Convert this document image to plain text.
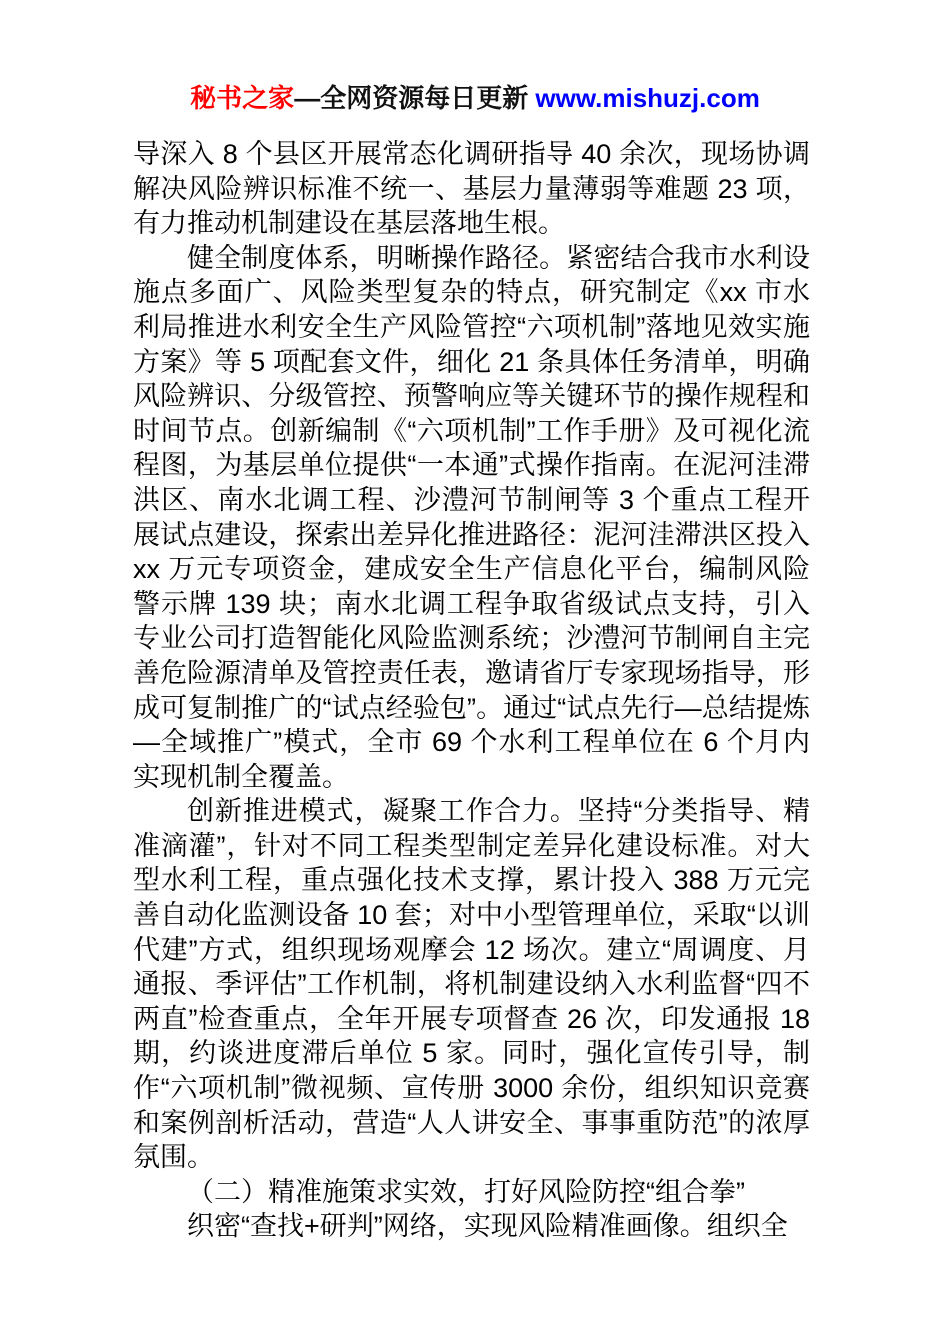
秘书之家—全网资源每日更新 www.mishuzj.com

导深入 8 个县区开展常态化调研指导 40 余次，现场协调解决风险辨识标准不统一、基层力量薄弱等难题 23 项，有力推动机制建设在基层落地生根。

健全制度体系，明晰操作路径。紧密结合我市水利设施点多面广、风险类型复杂的特点，研究制定《xx 市水利局推进水利安全生产风险管控“六项机制”落地见效实施方案》等 5 项配套文件，细化 21 条具体任务清单，明确风险辨识、分级管控、预警响应等关键环节的操作规程和时间节点。创新编制《“六项机制”工作手册》及可视化流程图，为基层单位提供“一本通”式操作指南。在泥河洼滞洪区、南水北调工程、沙澧河节制闸等 3 个重点工程开展试点建设，探索出差异化推进路径：泥河洼滞洪区投入 xx 万元专项资金，建成安全生产信息化平台，编制风险警示牌 139 块；南水北调工程争取省级试点支持，引入专业公司打造智能化风险监测系统；沙澧河节制闸自主完善危险源清单及管控责任表，邀请省厅专家现场指导，形成可复制推广的“试点经验包”。通过“试点先行—总结提炼—全域推广”模式，全市 69 个水利工程单位在 6 个月内实现机制全覆盖。

创新推进模式，凝聚工作合力。坚持“分类指导、精准滴灌”，针对不同工程类型制定差异化建设标准。对大型水利工程，重点强化技术支撑，累计投入 388 万元完善自动化监测设备 10 套；对中小型管理单位，采取“以训代建”方式，组织现场观摩会 12 场次。建立“周调度、月通报、季评估”工作机制，将机制建设纳入水利监督“四不两直”检查重点，全年开展专项督查 26 次，印发通报 18 期，约谈进度滞后单位 5 家。同时，强化宣传引导，制作“六项机制”微视频、宣传册 3000 余份，组织知识竞赛和案例剖析活动，营造“人人讲安全、事事重防范”的浓厚氛围。

（二）精准施策求实效，打好风险防控“组合拳”

织密“查找+研判”网络，实现风险精准画像。组织全
